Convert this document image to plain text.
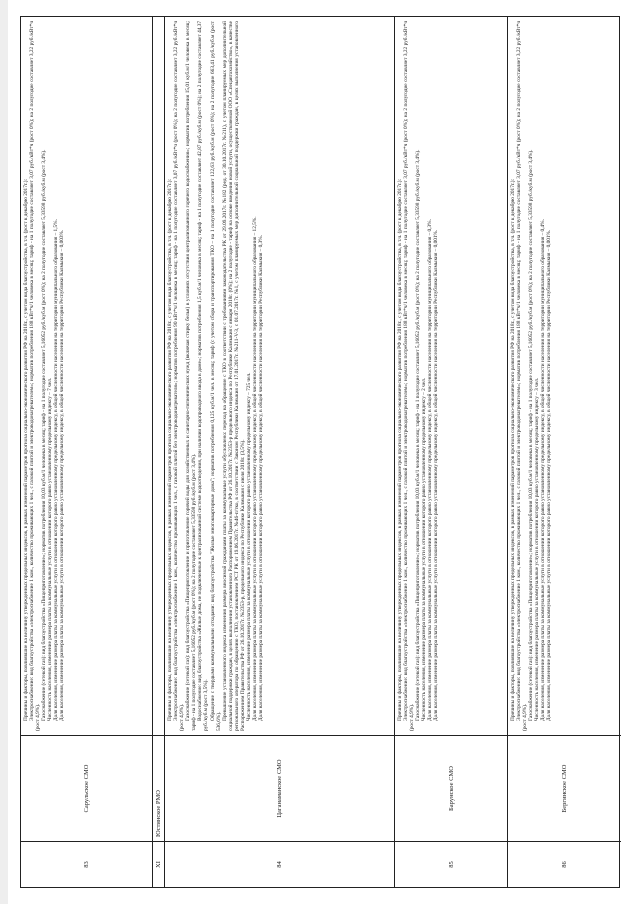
83
Сарульское СМО

Причины и факторы, повлиявшие на величину утвержденных предельных индексов, в рамках изменений параметров прогноза социально-экономического развития РФ на 2018г., с учетом вида благоустройства, в т.ч. (рост к декабрю 2017г.): Электроснабжение: вид благоустройства «электроснабжение 1 ком., количество проживающих 1 чел., с газовой плитой и электроводонагревателем»; норматив потребления 188 кВт*ч/1 человека в месяц; тариф - на 1 полугодие составляет 3,07 руб./кВт*ч (рост 0%); на 2 полугодие составляет 3,22 руб./кВт*ч (рост 4,9%). Газоснабжение (сетевой газ): вид благоустройства «Пищеприготовление»; норматив потребления 10,03 куб.м/1 человека в месяц; тариф - на 1 полугодие составляет 5,16052 руб./куб.м (рост 0%); на 2 полугодие составляет 5,33598 руб./куб.м (рост 3,4%). Численность населения, изменение размера платы за коммунальные услуги в отношении которого равно установленному предельному индексу – 7 чел. Доля населения, изменение размера платы за коммунальные услуги в отношении которого равно установленному предельному индексу, в общей численности населения на территории муниципального образования – 1,5%. Доля населения, изменение размера платы за коммунальные услуги в отношении которого равно установленному предельному индексу, в общей численности населения на территории Республики Калмыкия – 0,003%.

XI
Юстинское РМО
84
Цаганаманское СМО

Причины и факторы, повлиявшие на величину утвержденных предельных индексов, в рамках изменений параметров прогноза социально-экономического развития РФ на 2018г., с учетом вида благоустройства, в т.ч. (рост к декабрю 2017г.): Электроснабжение: вид благоустройства «электроснабжение 1 ком., количество проживающих 1 чел., с газовой плитой без электроводонагревателя»; норматив потребления 90 кВт*ч/1 человека в месяц; тариф - на 1 полугодие составляет 3,07 руб./кВт*ч (рост 0%); на 2 полугодие составляет 3,22 руб./кВт*ч (рост 4,9%). Газоснабжение (сетевой газ): вид благоустройства «Пищеприготовление и приготовление горячей воды для хозяйственных и санитарно-гигиенических нужд (включая стирку белья) в условиях отсутствия централизованного горячего водоснабжения»; норматив потребления 15,01 куб.м/1 человека в месяц; тариф - на 1 полугодие составляет 5,16052 руб./куб.м (рост 0%); на 2 полугодие составляет 5,33598 руб./куб.м (рост 3,4%). Водоснабжение: вид благоустройства «Жилые дома, не подключенные к централизованной системе водоотведения, при наличии водопроводного ввода в доме»; норматив потребления 1,5 куб.м/1 человека в месяц; тариф - на 1 полугодие составляет 42,87 руб./куб.м (рост 0%); на 2 полугодие составляет 44,37 руб./куб.м (рост 3,5%). Обращение с твердыми коммунальными отходами: вид благоустройства "Жилые многоквартирные дома"; норматив потребления 0,125 куб.м/1 чел. в месяц; тариф (с учетом сбора и транспортирования ТКО – на 1 полугодие составляет 122,63 руб./куб.м (рост 0%); на 2 полугодие 663,41 руб./куб.м (рост 536,6%).

Превышение установленного индекса изменения размера вносимой гражданами платы за коммунальные услуги обусловлено: переход на обращение с ТКО в соответствии с требованиями законодательства РК от 29.09.2017г. №182 (ред. от 30.10.2017г. №211), с учетом планируемых мер дополнительной социальной поддержки граждан, в целях выполнения установленного Распоряжением Правительства РФ от 26.10.2017г. №2353-р предельного индекса по Республике Калмыкия с января 2018г. (0%); на 2 полугодие - тариф на основе введения новой услуги, осуществляемой ООО «Спецавтохозяйство», в качестве регионального оператора по обращению с ТКО, постановлением РСТ РК от 19.06.2017г. №46-п/тко, в соответствии с Законом Республики Калмыкия от 17.01.2017г. №211-V-3, с 01.07.2017г. №1, с учетом планируемых мер дополнительной социальной поддержки граждан, в целях выполнения установленного Распоряжением Правительства РФ от 26.10.2017г. №2353-р, предельного индекса по Республике Калмыкия с июля 2018г. (3,5%). Численность населения, изменение размера платы за коммунальные услуги в отношении которого равно установленному предельному индексу – 725 чел. Доля населения, изменение размера платы за коммунальные услуги в отношении которого равно установленному предельному индексу, в общей численности населения на территории муниципального образования – 12,5%. Доля населения, изменение размера платы за коммунальные услуги в отношении которого равно установленному предельному индексу, в общей численности населения на территории Республики Калмыкия – 0,3%.

85
Барунское СМО

Причины и факторы, повлиявшие на величину утвержденных предельных индексов, в рамках изменений параметров прогноза социально-экономического развития РФ на 2018г., с учетом вида благоустройства, в т.ч. (рост к декабрю 2017г.): Электроснабжение: вид благоустройства «электроснабжение 1 ком., количество проживающих 1 чел., с газовой плитой и электроводонагревателем»; норматив потребления 188 кВт*ч/1 человека в месяц; тариф - на 1 полугодие составляет 3,07 руб./кВт*ч (рост 0%); на 2 полугодие составляет 3,22 руб./кВт*ч (рост 4,9%). Газоснабжение (сетевой газ): вид благоустройства «Пищеприготовление»; норматив потребления 10,03 куб.м/1 человека в месяц; тариф - на 1 полугодие составляет 5,16052 руб./куб.м (рост 0%); на 2 полугодие составляет 5,33598 руб./куб.м (рост 3,4%). Численность населения, изменение размера платы за коммунальные услуги в отношении которого равно установленному предельному индексу – 2 чел. Доля населения, изменение размера платы за коммунальные услуги в отношении которого равно установленному предельному индексу, в общей численности населения на территории муниципального образования – 0,3%. Доля населения, изменение размера платы за коммунальные услуги в отношении которого равно установленному предельному индексу, в общей численности населения на территории Республики Калмыкия – 0,001%.

86
Бергинское СМО

Причины и факторы, повлиявшие на величину утвержденных предельных индексов, в рамках изменений параметров прогноза социально-экономического развития РФ на 2018г., с учетом вида благоустройства, в т.ч. (рост к декабрю 2017г.): Электроснабжение: вид благоустройства «электроснабжение 1 ком., количество проживающих 1 чел., с газовой плитой и электроводонагревателем»; норматив потребления 188 кВт*ч/1 человека в месяц; тариф - на 1 полугодие составляет 3,07 руб./кВт*ч (рост 0%); на 2 полугодие составляет 3,22 руб./кВт*ч (рост 4,9%). Газоснабжение (сетевой газ): вид благоустройства «Пищеприготовление»; норматив потребления 10,03 куб.м/1 человека в месяц; тариф - на 1 полугодие составляет 5,16052 руб./куб.м (рост 0%); на 2 полугодие составляет 5,33598 руб./куб.м (рост 3,4%). Численность населения, изменение размера платы за коммунальные услуги в отношении которого равно установленному предельному индексу – 3 чел. Доля населения, изменение размера платы за коммунальные услуги в отношении которого равно установленному предельному индексу, в общей численности населения на территории муниципального образования – 0,4%. Доля населения, изменение размера платы за коммунальные услуги в отношении которого равно установленному предельному индексу, в общей численности населения на территории Республики Калмыкия – 0,001%.
